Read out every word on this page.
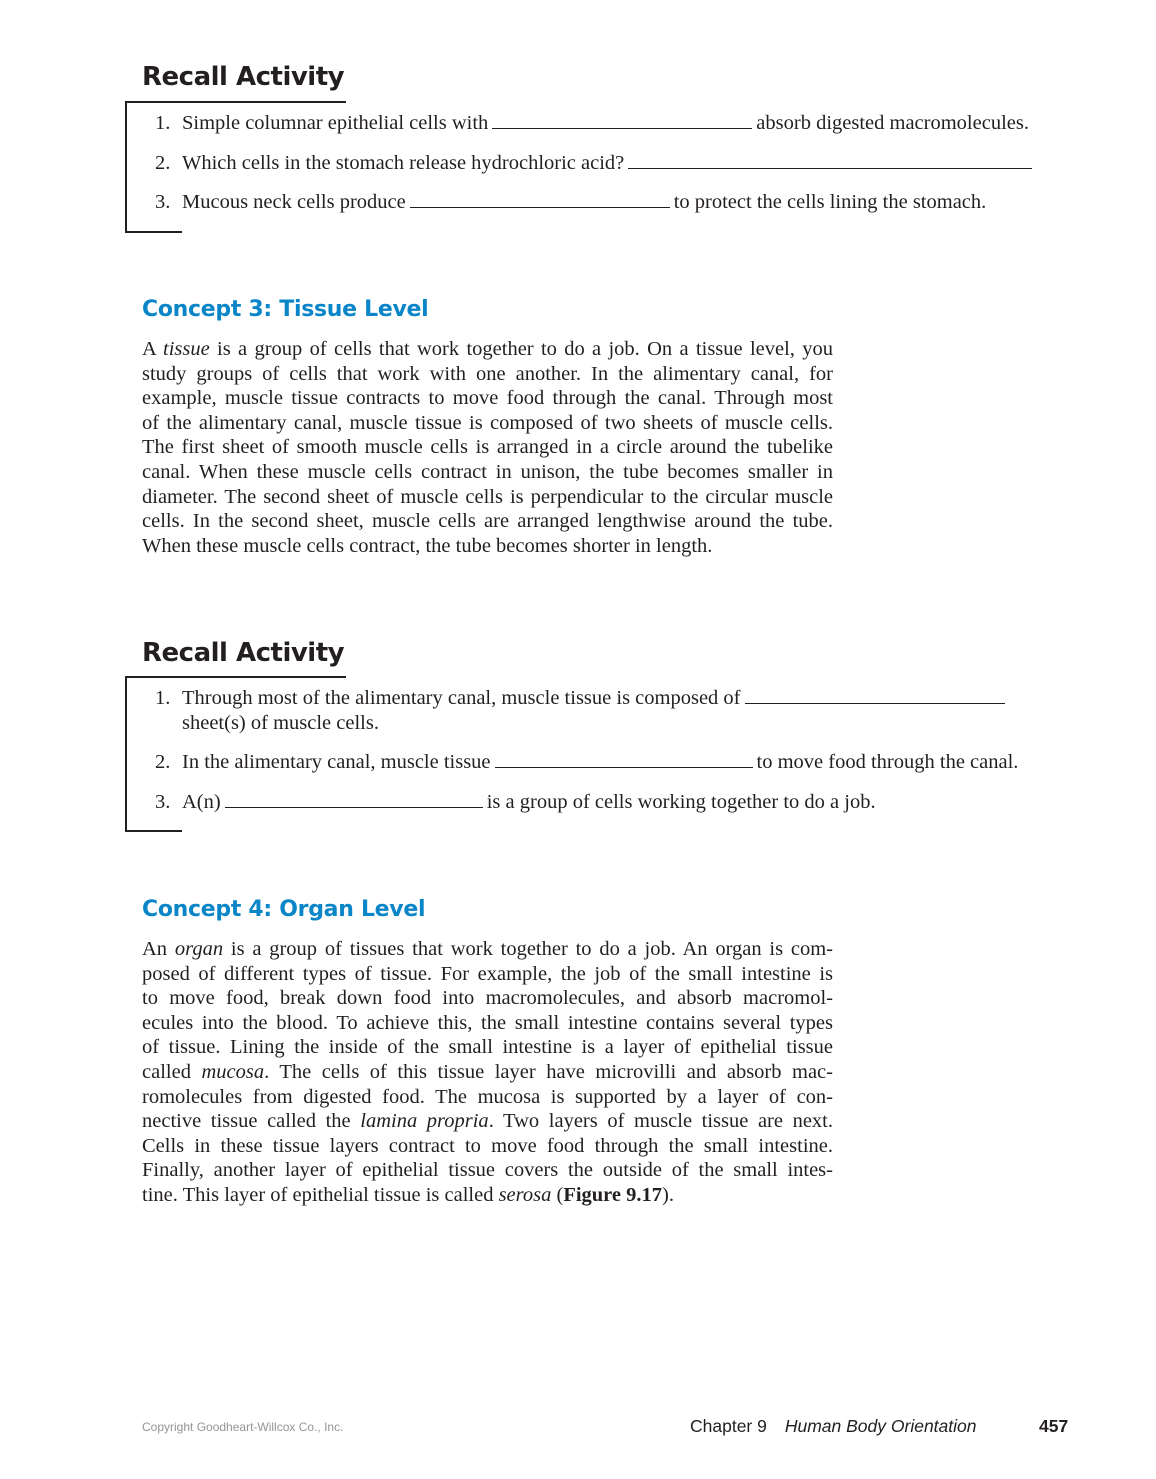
Recall Activity
1. Simple columnar epithelial cells with	absorb digested macromolecules.
2. Which cells in the stomach release hydrochloric acid?
3. Mucous neck cells produce	to protect the cells lining the stomach.
Concept 3: Tissue Level
A tissue is a group of cells that work together to do a job. On a tissue level, you
study groups of cells that work with one another. In the alimentary canal, for
example, muscle tissue contracts to move food through the canal. Through most
of the alimentary canal, muscle tissue is composed of two sheets of muscle cells.
The first sheet of smooth muscle cells is arranged in a circle around the tubelike
canal. When these muscle cells contract in unison, the tube becomes smaller in
diameter. The second sheet of muscle cells is perpendicular to the circular muscle
cells. In the second sheet, muscle cells are arranged lengthwise around the tube.
When these muscle cells contract, the tube becomes shorter in length.
Recall Activity
1. Through most of the alimentary canal, muscle tissue is composed of
sheet(s) of muscle cells.
2. In the alimentary canal, muscle tissue	to move food through the canal.
3. A(n)	is a group of cells working together to do a job.
Concept 4: Organ Level
An organ is a group of tissues that work together to do a job. An organ is com-
posed of different types of tissue. For example, the job of the small intestine is
to move food, break down food into macromolecules, and absorb macromol-
ecules into the blood. To achieve this, the small intestine contains several types
of tissue. Lining the inside of the small intestine is a layer of epithelial tissue
called mucosa. The cells of this tissue layer have microvilli and absorb mac-
romolecules from digested food. The mucosa is supported by a layer of con-
nective tissue called the lamina propria. Two layers of muscle tissue are next.
Cells in these tissue layers contract to move food through the small intestine.
Finally, another layer of epithelial tissue covers the outside of the small intes-
tine. This layer of epithelial tissue is called serosa (Figure 9.17).
Copyright Goodheart-Willcox Co., Inc.	Chapter 9 Human Body Orientation	457
